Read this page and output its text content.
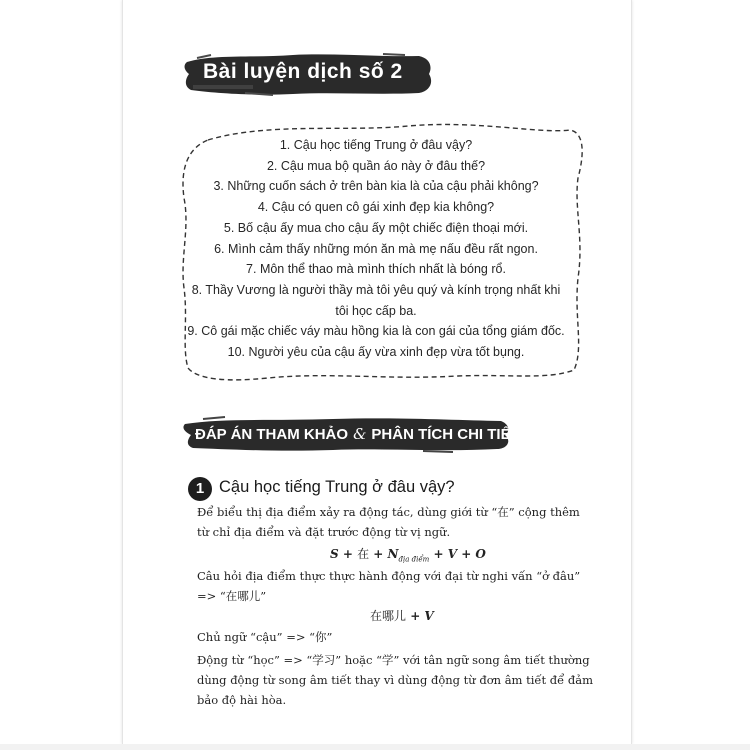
Bài luyện dịch số 2
1. Cậu học tiếng Trung ở đâu vậy?
2. Cậu mua bộ quần áo này ở đâu thế?
3. Những cuốn sách ở trên bàn kia là của cậu phải không?
4. Cậu có quen cô gái xinh đẹp kia không?
5. Bố cậu ấy mua cho cậu ấy một chiếc điện thoại mới.
6. Mình cảm thấy những món ăn mà mẹ nấu đều rất ngon.
7. Môn thể thao mà mình thích nhất là bóng rổ.
8. Thầy Vương là người thầy mà tôi yêu quý và kính trọng nhất khi tôi học cấp ba.
9. Cô gái mặc chiếc váy màu hồng kia là con gái của tổng giám đốc.
10. Người yêu của cậu ấy vừa xinh đẹp vừa tốt bụng.
ĐÁP ÁN THAM KHẢO & PHÂN TÍCH CHI TIẾT
1 Cậu học tiếng Trung ở đâu vậy?

Để biểu thị địa điểm xảy ra động tác, dùng giới từ “在” cộng thêm từ chỉ địa điểm và đặt trước động từ vị ngữ.

S + 在 + $N_{địa điểm} + V + O$

Câu hỏi địa điểm thực thực hành động với đại từ nghi vấn “ở đâu” => “在哪儿”

在哪儿 + V

Chủ ngữ “cậu” => “你”

Động từ “học” => “学习” hoặc “学” với tân ngữ song âm tiết thường dùng động từ song âm tiết thay vì dùng động từ đơn âm tiết để đảm bảo độ hài hòa.
